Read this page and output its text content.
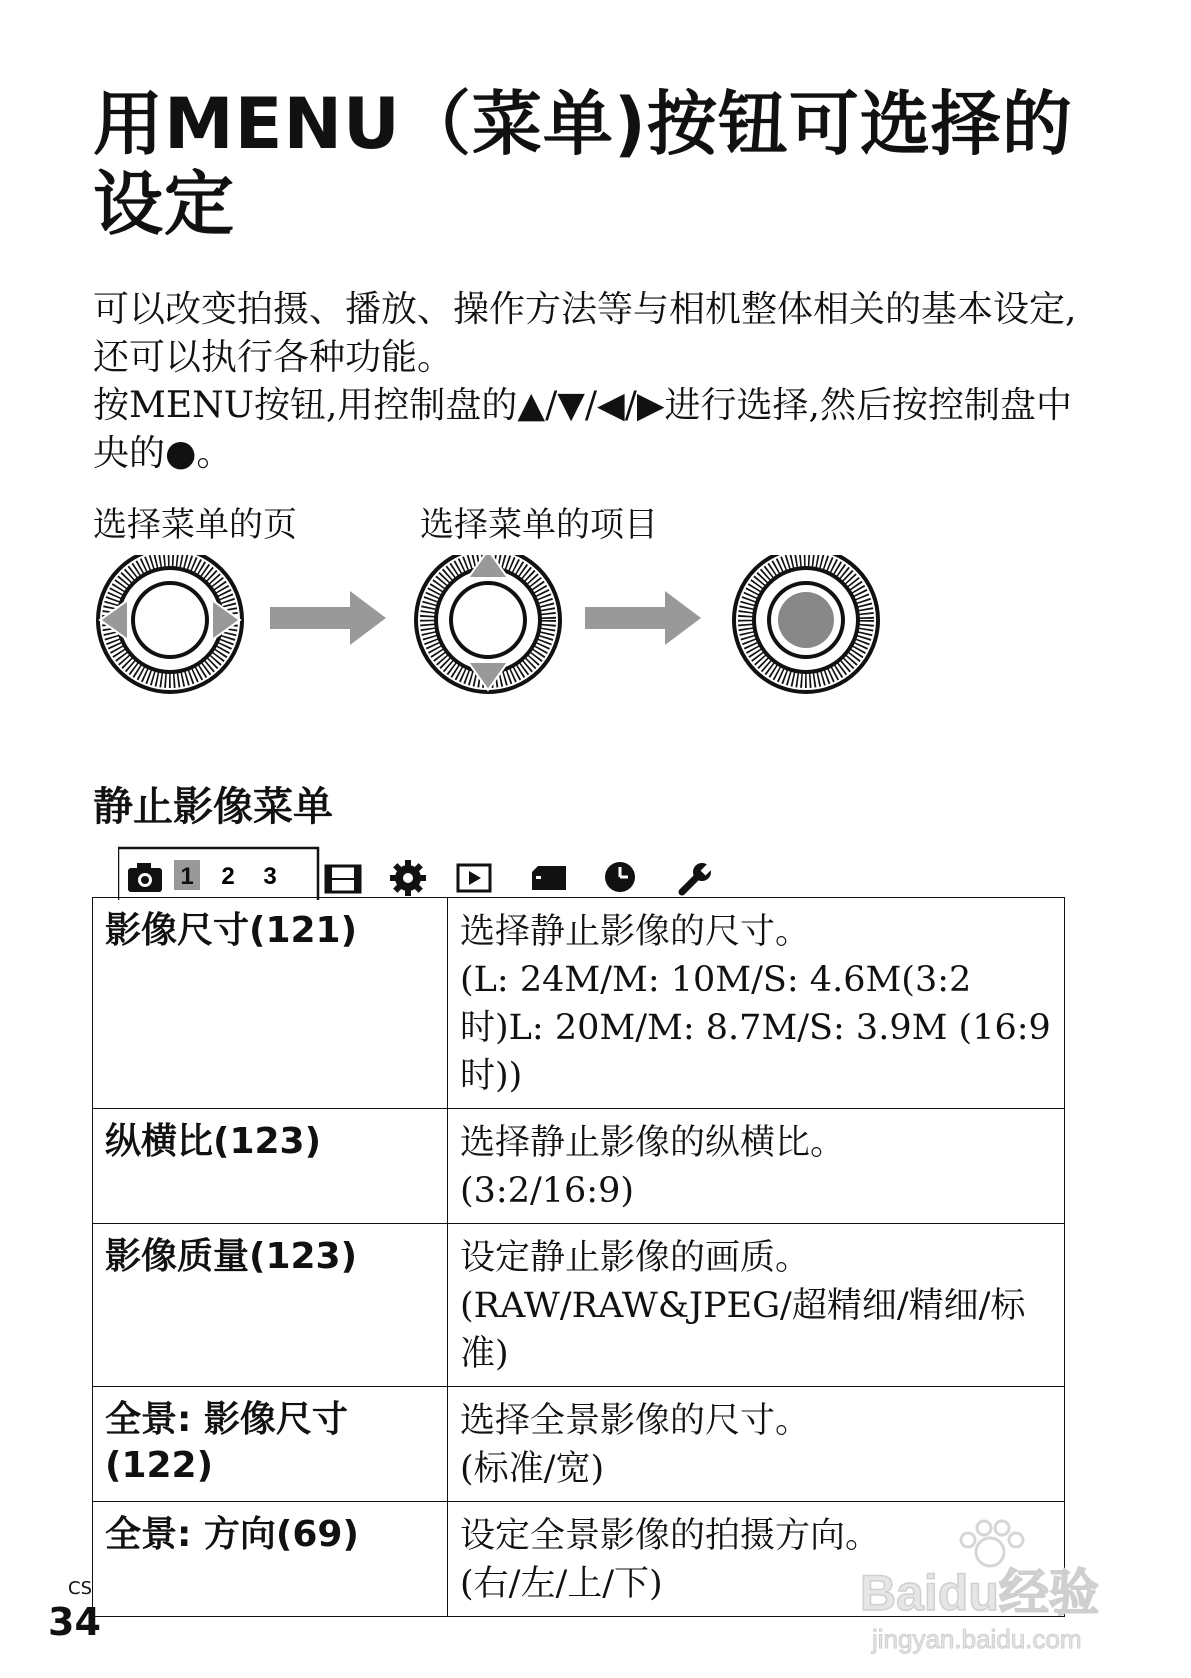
用MENU（菜单)按钮可选择的
设定

可以改变拍摄、播放、操作方法等与相机整体相关的基本设定,还可以执行各种功能。

按MENU按钮,用控制盘的▲/▼/◀/▶进行选择,然后按控制盘中央的●。

选择菜单的页	选择菜单的项目
静止影像菜单
1 2 3
影像尺寸(121)	选择静止影像的尺寸。
(L: 24M/M: 10M/S: 4.6M(3:2时)L: 20M/M: 8.7M/S: 3.9M (16:9时))

纵横比(123)	选择静止影像的纵横比。
(3:2/16:9)

影像质量(123)	设定静止影像的画质。
(RAW/RAW&JPEG/超精细/精细/标准)

全景: 影像尺寸(122)	选择全景影像的尺寸。
(标准/宽)

全景: 方向(69)	设定全景影像的拍摄方向。
(右/左/上/下)
CS
34
Baidu经验
jingyan.baidu.com
